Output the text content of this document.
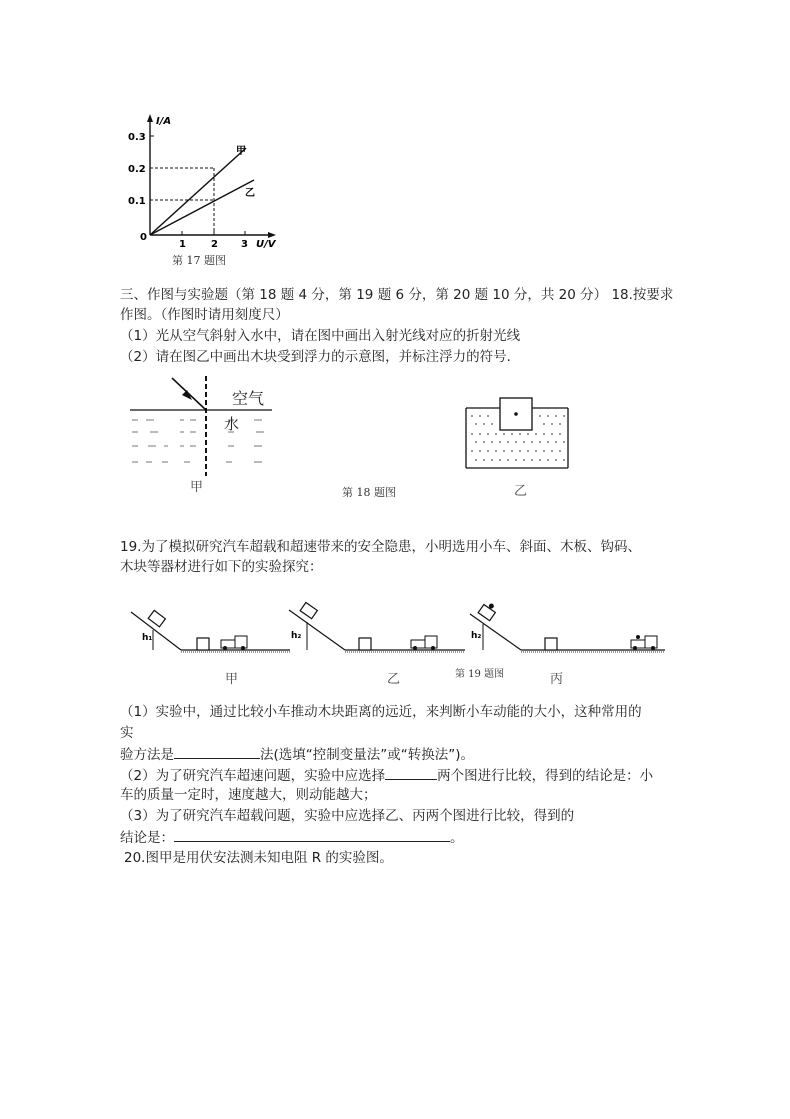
I/A
U/V
0.3
0.2
0.1
0
1	2 3
甲
乙
第 17 题图
三、作图与实验题（第 18 题 4 分，第 19 题 6 分，第 20 题 10 分，共 20 分） 18.按要求
作图。（作图时请用刻度尺）
（1）光从空气斜射入水中，请在图中画出入射光线对应的折射光线
（2）请在图乙中画出木块受到浮力的示意图，并标注浮力的符号．
空气
水
甲	第 18 题图	乙
19.为了模拟研究汽车超载和超速带来的安全隐患，小明选用小车、斜面、木板、钩码、
木块等器材进行如下的实验探究：
h₁	h₂	h₂
甲	乙	丙
第 19 题图
（1）实验中，通过比较小车推动木块距离的远近，来判断小车动能的大小，这种常用的
实
验方法是	法(选填“控制变量法”或“转换法”)。
（2）为了研究汽车超速问题，实验中应选择	两个图进行比较，得到的结论是：小
车的质量一定时，速度越大，则动能越大；
（3）为了研究汽车超载问题，实验中应选择乙、丙两个图进行比较，得到的
结论是：	。
20.图甲是用伏安法测未知电阻 R 的实验图。
